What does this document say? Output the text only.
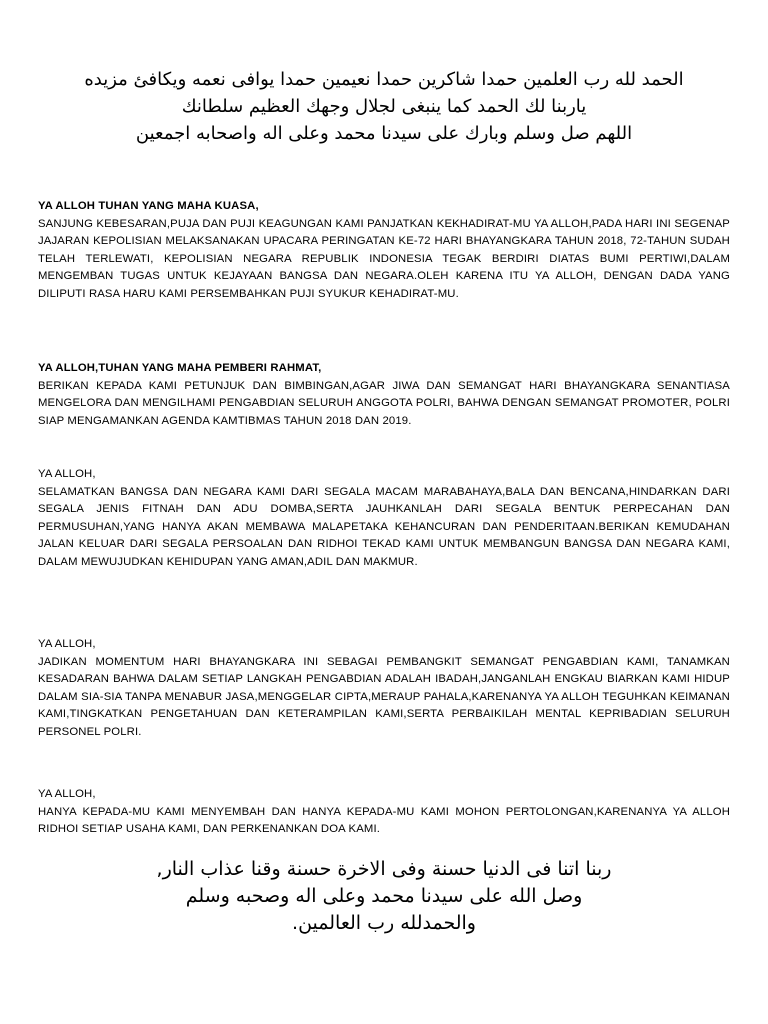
الحمد لله رب العلمين حمدا شاكرين حمدا نعيمين حمدا يوافى نعمه ويكافئ مزيده
ياربنا لك الحمد كما ينبغى لجلال وجهك العظيم سلطانك
اللهم صل وسلم وبارك على سيدنا محمد وعلى اله واصحابه اجمعين
YA ALLOH TUHAN YANG MAHA KUASA,
SANJUNG KEBESARAN,PUJA DAN PUJI KEAGUNGAN KAMI PANJATKAN KEKHADIRAT-MU YA ALLOH,PADA HARI INI SEGENAP JAJARAN KEPOLISIAN MELAKSANAKAN UPACARA PERINGATAN KE-72 HARI BHAYANGKARA TAHUN 2018, 72-TAHUN SUDAH TELAH TERLEWATI, KEPOLISIAN NEGARA REPUBLIK INDONESIA TEGAK BERDIRI DIATAS BUMI PERTIWI,DALAM MENGEMBAN TUGAS UNTUK KEJAYAAN BANGSA DAN NEGARA.OLEH KARENA ITU YA ALLOH, DENGAN DADA YANG DILIPUTI RASA HARU KAMI PERSEMBAHKAN PUJI SYUKUR KEHADIRAT-MU.
YA ALLOH,TUHAN YANG MAHA PEMBERI RAHMAT,
BERIKAN KEPADA KAMI PETUNJUK DAN BIMBINGAN,AGAR JIWA DAN SEMANGAT HARI BHAYANGKARA SENANTIASA MENGELORA DAN MENGILHAMI PENGABDIAN SELURUH ANGGOTA POLRI, BAHWA DENGAN SEMANGAT PROMOTER, POLRI SIAP MENGAMANKAN AGENDA KAMTIBMAS TAHUN 2018 DAN 2019.
YA ALLOH,
SELAMATKAN BANGSA DAN NEGARA KAMI DARI SEGALA MACAM MARABAHAYA,BALA DAN BENCANA,HINDARKAN DARI SEGALA JENIS FITNAH DAN ADU DOMBA,SERTA JAUHKANLAH DARI SEGALA BENTUK PERPECAHAN DAN PERMUSUHAN,YANG HANYA AKAN MEMBAWA MALAPETAKA KEHANCURAN DAN PENDERITAAN.BERIKAN KEMUDAHAN JALAN KELUAR DARI SEGALA PERSOALAN DAN RIDHOI TEKAD KAMI UNTUK MEMBANGUN BANGSA DAN NEGARA KAMI, DALAM MEWUJUDKAN KEHIDUPAN YANG AMAN,ADIL DAN MAKMUR.
YA ALLOH,
JADIKAN MOMENTUM HARI BHAYANGKARA INI SEBAGAI PEMBANGKIT SEMANGAT PENGABDIAN KAMI, TANAMKAN KESADARAN BAHWA DALAM SETIAP LANGKAH PENGABDIAN ADALAH IBADAH,JANGANLAH ENGKAU BIARKAN KAMI HIDUP DALAM SIA-SIA TANPA MENABUR JASA,MENGGELAR CIPTA,MERAUP PAHALA,KARENANYA YA ALLOH TEGUHKAN KEIMANAN KAMI,TINGKATKAN PENGETAHUAN DAN KETERAMPILAN KAMI,SERTA PERBAIKILAH MENTAL KEPRIBADIAN SELURUH PERSONEL POLRI.
YA ALLOH,
HANYA KEPADA-MU KAMI MENYEMBAH DAN HANYA KEPADA-MU KAMI MOHON PERTOLONGAN,KARENANYA YA ALLOH RIDHOI SETIAP USAHA KAMI, DAN PERKENANKAN DOA KAMI.
ربنا اتنا فى الدنيا حسنة وفى الاخرة حسنة وقنا عذاب النار,
وصل الله على سيدنا محمد وعلى اله وصحبه وسلم
والحمدلله رب العالمين.
